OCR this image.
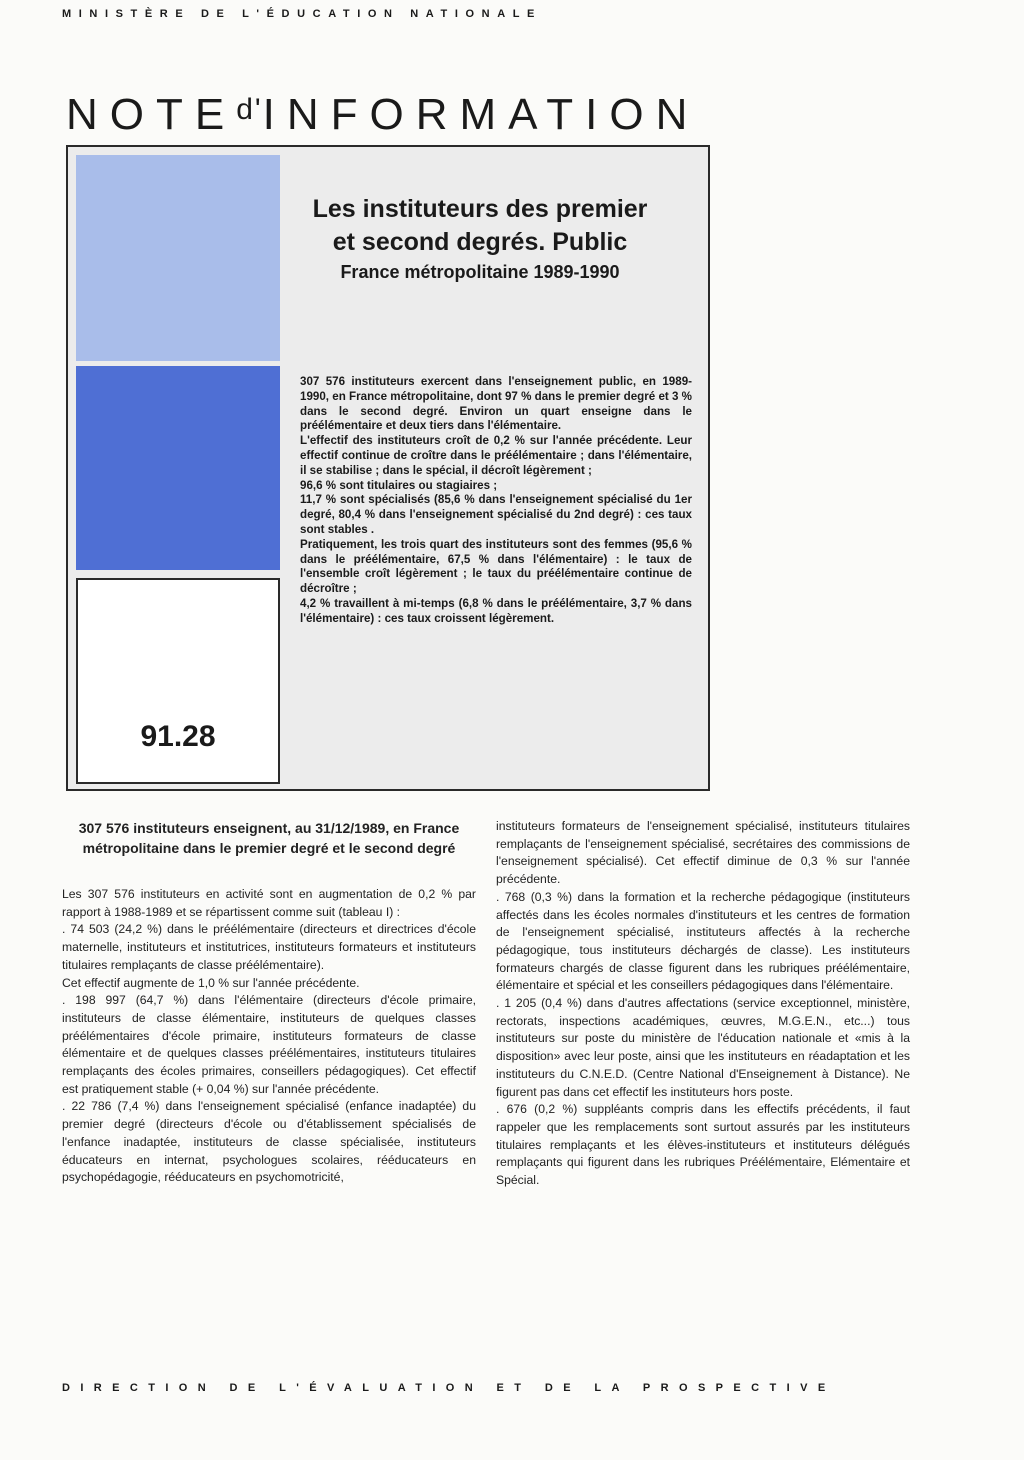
MINISTÈRE DE L'ÉDUCATION NATIONALE
$NOTE^{d'}INFORMATION$
91.28
Les instituteurs des premier
et second degrés. Public
France métropolitaine 1989-1990

307 576 instituteurs exercent dans l'enseignement public, en 1989-1990, en France métropolitaine, dont 97 % dans le premier degré et 3 % dans le second degré. Environ un quart enseigne dans le préélémentaire et deux tiers dans l'élémentaire.

L'effectif des instituteurs croît de 0,2 % sur l'année précédente. Leur effectif continue de croître dans le préélémentaire ; dans l'élémentaire, il se stabilise ; dans le spécial, il décroît légèrement ;

96,6 % sont titulaires ou stagiaires ;

11,7 % sont spécialisés (85,6 % dans l'enseignement spécialisé du 1er degré, 80,4 % dans l'enseignement spécialisé du 2nd degré) : ces taux sont stables .

Pratiquement, les trois quart des instituteurs sont des femmes (95,6 % dans le préélémentaire, 67,5 % dans l'élémentaire) : le taux de l'ensemble croît légèrement ; le taux du préélémentaire continue de décroître ;

4,2 % travaillent à mi-temps (6,8 % dans le préélémentaire, 3,7 % dans l'élémentaire) : ces taux croissent légèrement.

307 576 instituteurs enseignent, au 31/12/1989, en France métropolitaine dans le premier degré et le second degré

Les 307 576 instituteurs en activité sont en augmentation de 0,2 % par rapport à 1988-1989 et se répartissent comme suit (tableau I) :

. 74 503 (24,2 %) dans le préélémentaire (directeurs et directrices d'école maternelle, instituteurs et institutrices, instituteurs formateurs et instituteurs titulaires remplaçants de classe préélémentaire).

Cet effectif augmente de 1,0 % sur l'année précédente.

. 198 997 (64,7 %) dans l'élémentaire (directeurs d'école primaire, instituteurs de classe élémentaire, instituteurs de quelques classes préélémentaires d'école primaire, instituteurs formateurs de classe élémentaire et de quelques classes préélémentaires, instituteurs titulaires remplaçants des écoles primaires, conseillers pédagogiques). Cet effectif est pratiquement stable (+ 0,04 %) sur l'année précédente.

. 22 786 (7,4 %) dans l'enseignement spécialisé (enfance inadaptée) du premier degré (directeurs d'école ou d'établissement spécialisés de l'enfance inadaptée, instituteurs de classe spécialisée, instituteurs éducateurs en internat, psychologues scolaires, rééducateurs en psychopédagogie, rééducateurs en psychomotricité,

instituteurs formateurs de l'enseignement spécialisé, instituteurs titulaires remplaçants de l'enseignement spécialisé, secrétaires des commissions de l'enseignement spécialisé). Cet effectif diminue de 0,3 % sur l'année précédente.

. 768 (0,3 %) dans la formation et la recherche pédagogique (instituteurs affectés dans les écoles normales d'instituteurs et les centres de formation de l'enseignement spécialisé, instituteurs affectés à la recherche pédagogique, tous instituteurs déchargés de classe). Les instituteurs formateurs chargés de classe figurent dans les rubriques préélémentaire, élémentaire et spécial et les conseillers pédagogiques dans l'élémentaire.

. 1 205 (0,4 %) dans d'autres affectations (service exceptionnel, ministère, rectorats, inspections académiques, œuvres, M.G.E.N., etc...) tous instituteurs sur poste du ministère de l'éducation nationale et «mis à la disposition» avec leur poste, ainsi que les instituteurs en réadaptation et les instituteurs du C.N.E.D. (Centre National d'Enseignement à Distance). Ne figurent pas dans cet effectif les instituteurs hors poste.

. 676 (0,2 %) suppléants compris dans les effectifs précédents, il faut rappeler que les remplacements sont surtout assurés par les instituteurs titulaires remplaçants et les élèves-instituteurs et instituteurs délégués remplaçants qui figurent dans les rubriques Préélémentaire, Elémentaire et Spécial.

DIRECTION DE L'ÉVALUATION ET DE LA PROSPECTIVE
